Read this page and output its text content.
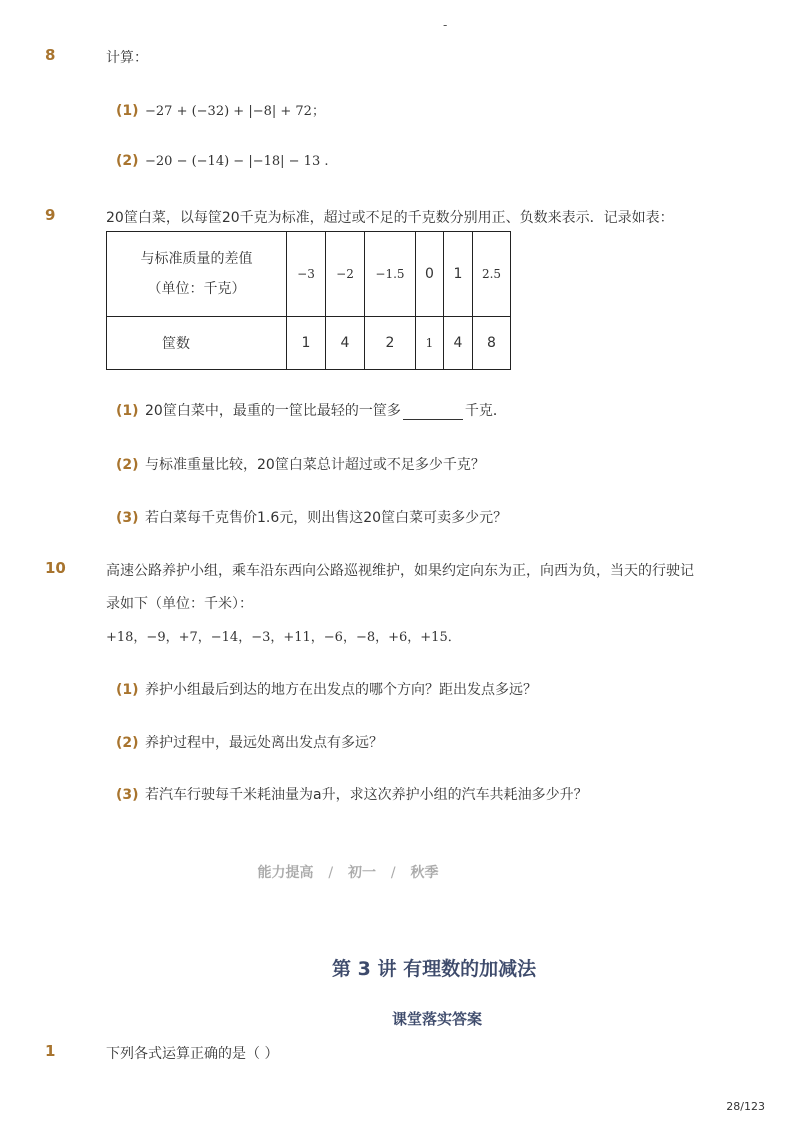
-
8	计算：
(1) −27 + (−32) + |−8| + 72；
(2) −20 − (−14) − |−18| − 13 .
9	20筐白菜，以每筐20千克为标准，超过或不足的千克数分别用正、负数来表示．记录如表：
与标准质量的差值
（单位：千克）	−3	−2	−1.5	0	1	2.5
筐数	1	4	2	1	4	8
(1) 20筐白菜中，最重的一筐比最轻的一筐多	千克．
(2) 与标准重量比较，20筐白菜总计超过或不足多少千克？
(3) 若白菜每千克售价1.6元，则出售这20筐白菜可卖多少元？
10	高速公路养护小组，乘车沿东西向公路巡视维护，如果约定向东为正，向西为负，当天的行驶记
录如下（单位：千米）：
+18，−9，+7，−14，−3，+11，−6，−8，+6，+15．
(1) 养护小组最后到达的地方在出发点的哪个方向？距出发点多远？
(2) 养护过程中，最远处离出发点有多远？
(3) 若汽车行驶每千米耗油量为a升，求这次养护小组的汽车共耗油多少升？
能力提高 / 初一 / 秋季
第 3 讲 有理数的加减法
课堂落实答案
1	下列各式运算正确的是（ ）
28/123
